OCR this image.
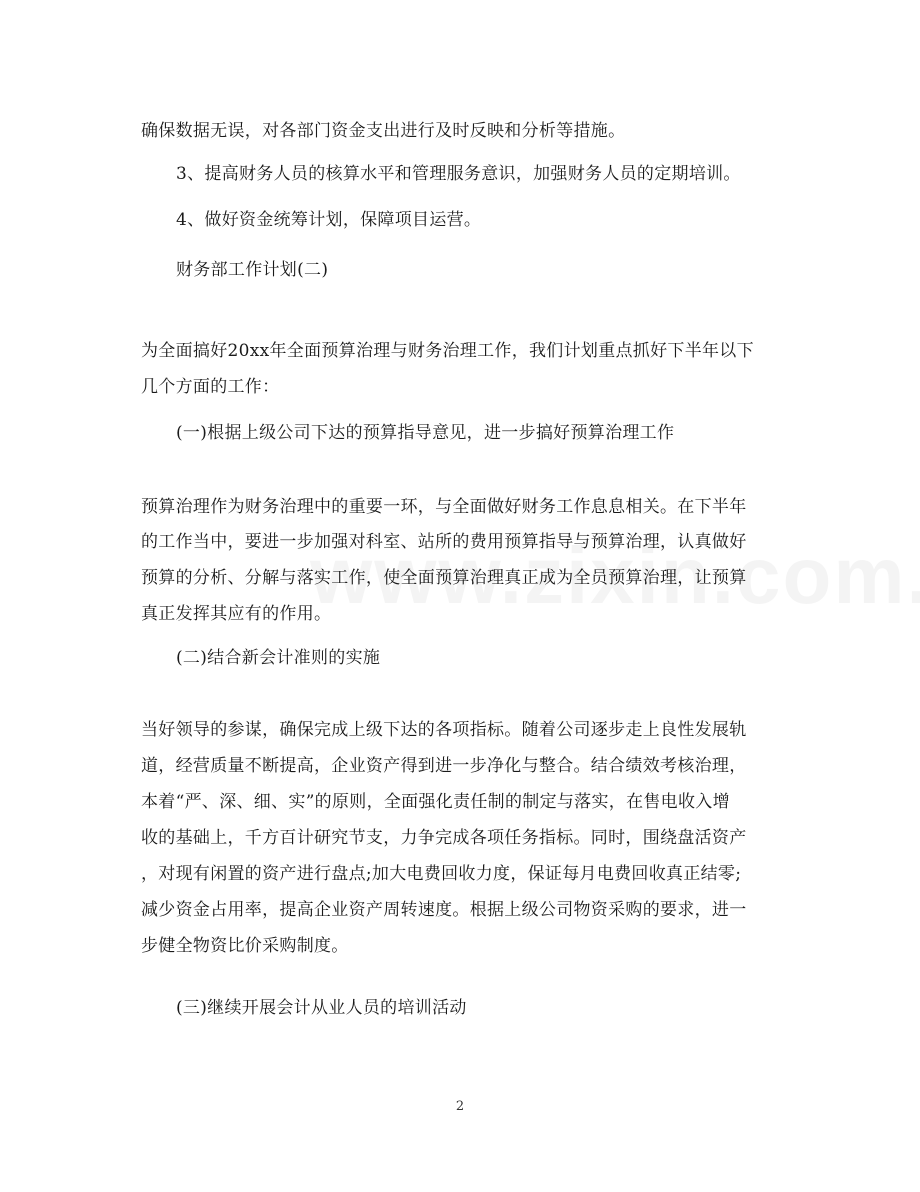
确保数据无误，对各部门资金支出进行及时反映和分析等措施。
3、提高财务人员的核算水平和管理服务意识，加强财务人员的定期培训。
4、做好资金统筹计划，保障项目运营。
财务部工作计划(二)
为全面搞好20xx年全面预算治理与财务治理工作，我们计划重点抓好下半年以下
几个方面的工作：
(一)根据上级公司下达的预算指导意见，进一步搞好预算治理工作
预算治理作为财务治理中的重要一环，与全面做好财务工作息息相关。在下半年
的工作当中，要进一步加强对科室、站所的费用预算指导与预算治理，认真做好
预算的分析、分解与落实工作，使全面预算治理真正成为全员预算治理，让预算
真正发挥其应有的作用。
(二)结合新会计准则的实施
当好领导的参谋，确保完成上级下达的各项指标。随着公司逐步走上良性发展轨
道，经营质量不断提高，企业资产得到进一步净化与整合。结合绩效考核治理，
本着“严、深、细、实”的原则，全面强化责任制的制定与落实，在售电收入增
收的基础上，千方百计研究节支，力争完成各项任务指标。同时，围绕盘活资产
，对现有闲置的资产进行盘点;加大电费回收力度，保证每月电费回收真正结零;
减少资金占用率，提高企业资产周转速度。根据上级公司物资采购的要求，进一
步健全物资比价采购制度。
(三)继续开展会计从业人员的培训活动
2
